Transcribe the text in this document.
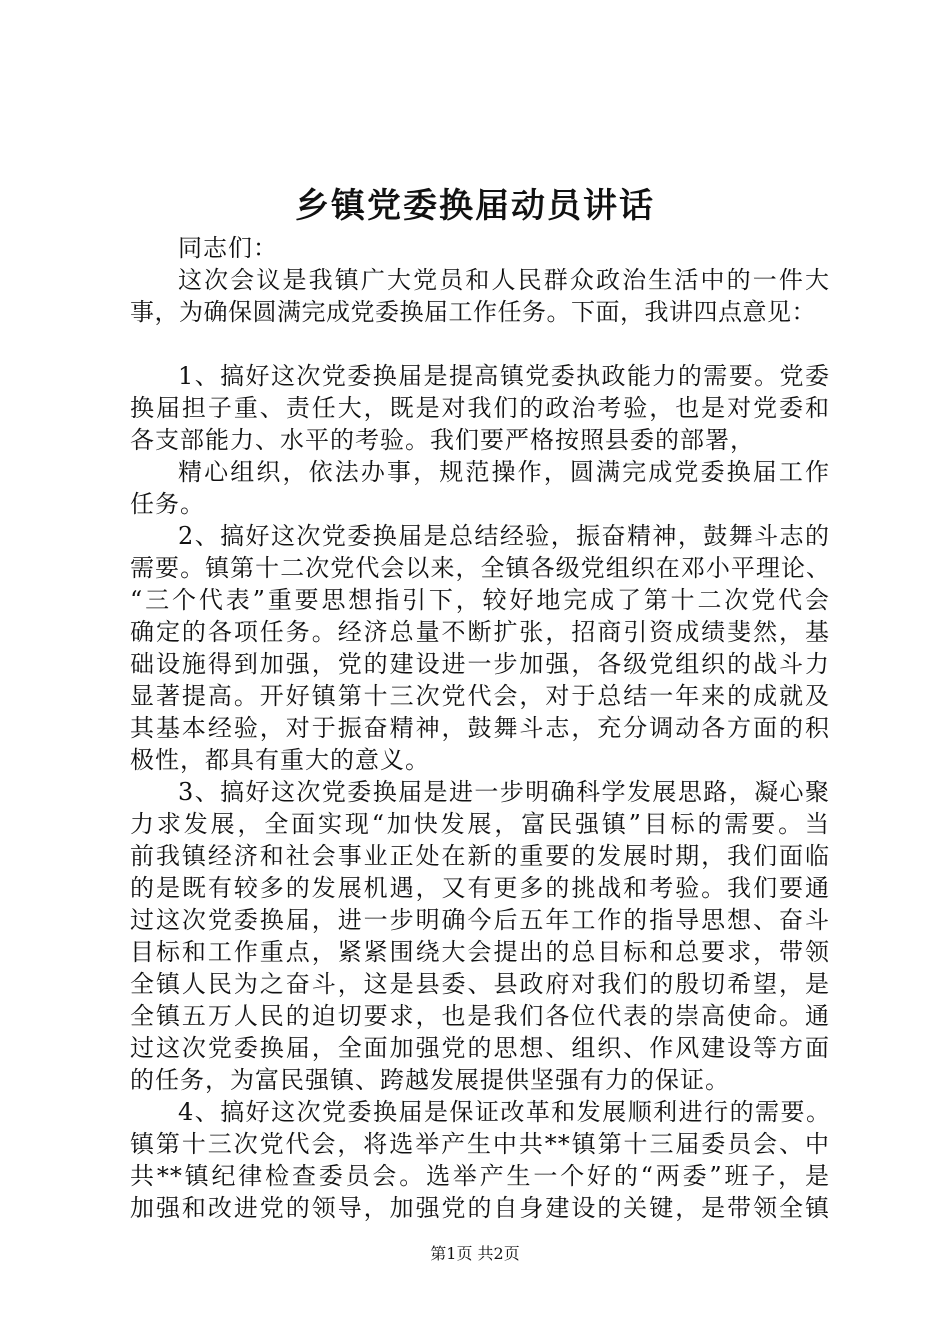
乡镇党委换届动员讲话
同志们：
这次会议是我镇广大党员和人民群众政治生活中的一件大
事，为确保圆满完成党委换届工作任务。下面，我讲四点意见：
1、搞好这次党委换届是提高镇党委执政能力的需要。党委
换届担子重、责任大，既是对我们的政治考验，也是对党委和
各支部能力、水平的考验。我们要严格按照县委的部署，
精心组织，依法办事，规范操作，圆满完成党委换届工作
任务。
2、搞好这次党委换届是总结经验，振奋精神，鼓舞斗志的
需要。镇第十二次党代会以来，全镇各级党组织在邓小平理论、
“三个代表”重要思想指引下，较好地完成了第十二次党代会
确定的各项任务。经济总量不断扩张，招商引资成绩斐然，基
础设施得到加强，党的建设进一步加强，各级党组织的战斗力
显著提高。开好镇第十三次党代会，对于总结一年来的成就及
其基本经验，对于振奋精神，鼓舞斗志，充分调动各方面的积
极性，都具有重大的意义。
3、搞好这次党委换届是进一步明确科学发展思路，凝心聚
力求发展，全面实现“加快发展，富民强镇”目标的需要。当
前我镇经济和社会事业正处在新的重要的发展时期，我们面临
的是既有较多的发展机遇，又有更多的挑战和考验。我们要通
过这次党委换届，进一步明确今后五年工作的指导思想、奋斗
目标和工作重点，紧紧围绕大会提出的总目标和总要求，带领
全镇人民为之奋斗，这是县委、县政府对我们的殷切希望，是
全镇五万人民的迫切要求，也是我们各位代表的崇高使命。通
过这次党委换届，全面加强党的思想、组织、作风建设等方面
的任务，为富民强镇、跨越发展提供坚强有力的保证。
4、搞好这次党委换届是保证改革和发展顺利进行的需要。
镇第十三次党代会，将选举产生中共**镇第十三届委员会、中
共**镇纪律检查委员会。选举产生一个好的“两委”班子，是
加强和改进党的领导，加强党的自身建设的关键，是带领全镇
第1页 共2页
